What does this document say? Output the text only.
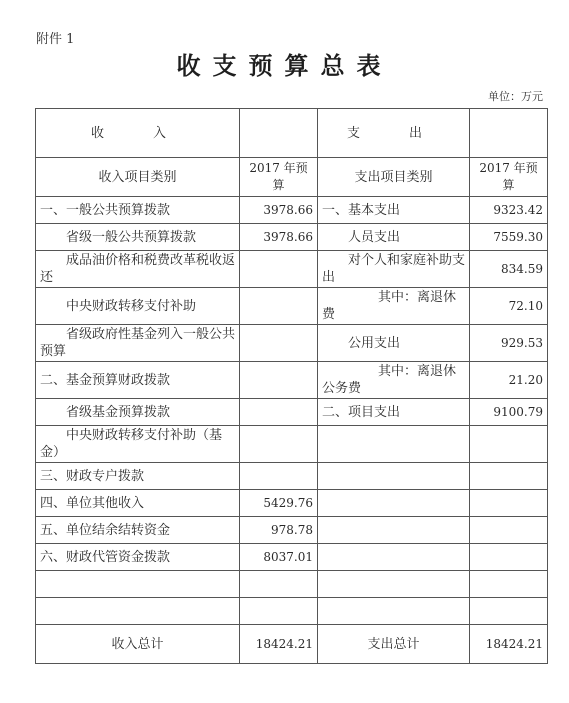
附件 1
收支预算总表
单位：万元
收　入		支　出	
收入项目类别	2017 年预算	支出项目类别	2017 年预算
一、一般公共预算拨款	3978.66	一、基本支出	9323.42
省级一般公共预算拨款	3978.66	人员支出	7559.30
成品油价格和税费改革税收返还		对个人和家庭补助支出	834.59
中央财政转移支付补助		其中：离退休费	72.10
省级政府性基金列入一般公共预算		公用支出	929.53
二、基金预算财政拨款		其中：离退休公务费	21.20
省级基金预算拨款		二、项目支出	9100.79
中央财政转移支付补助（基金）			
三、财政专户拨款			
四、单位其他收入	5429.76		
五、单位结余结转资金	978.78		
六、财政代管资金拨款	8037.01		

收入总计	18424.21	支出总计	18424.21
